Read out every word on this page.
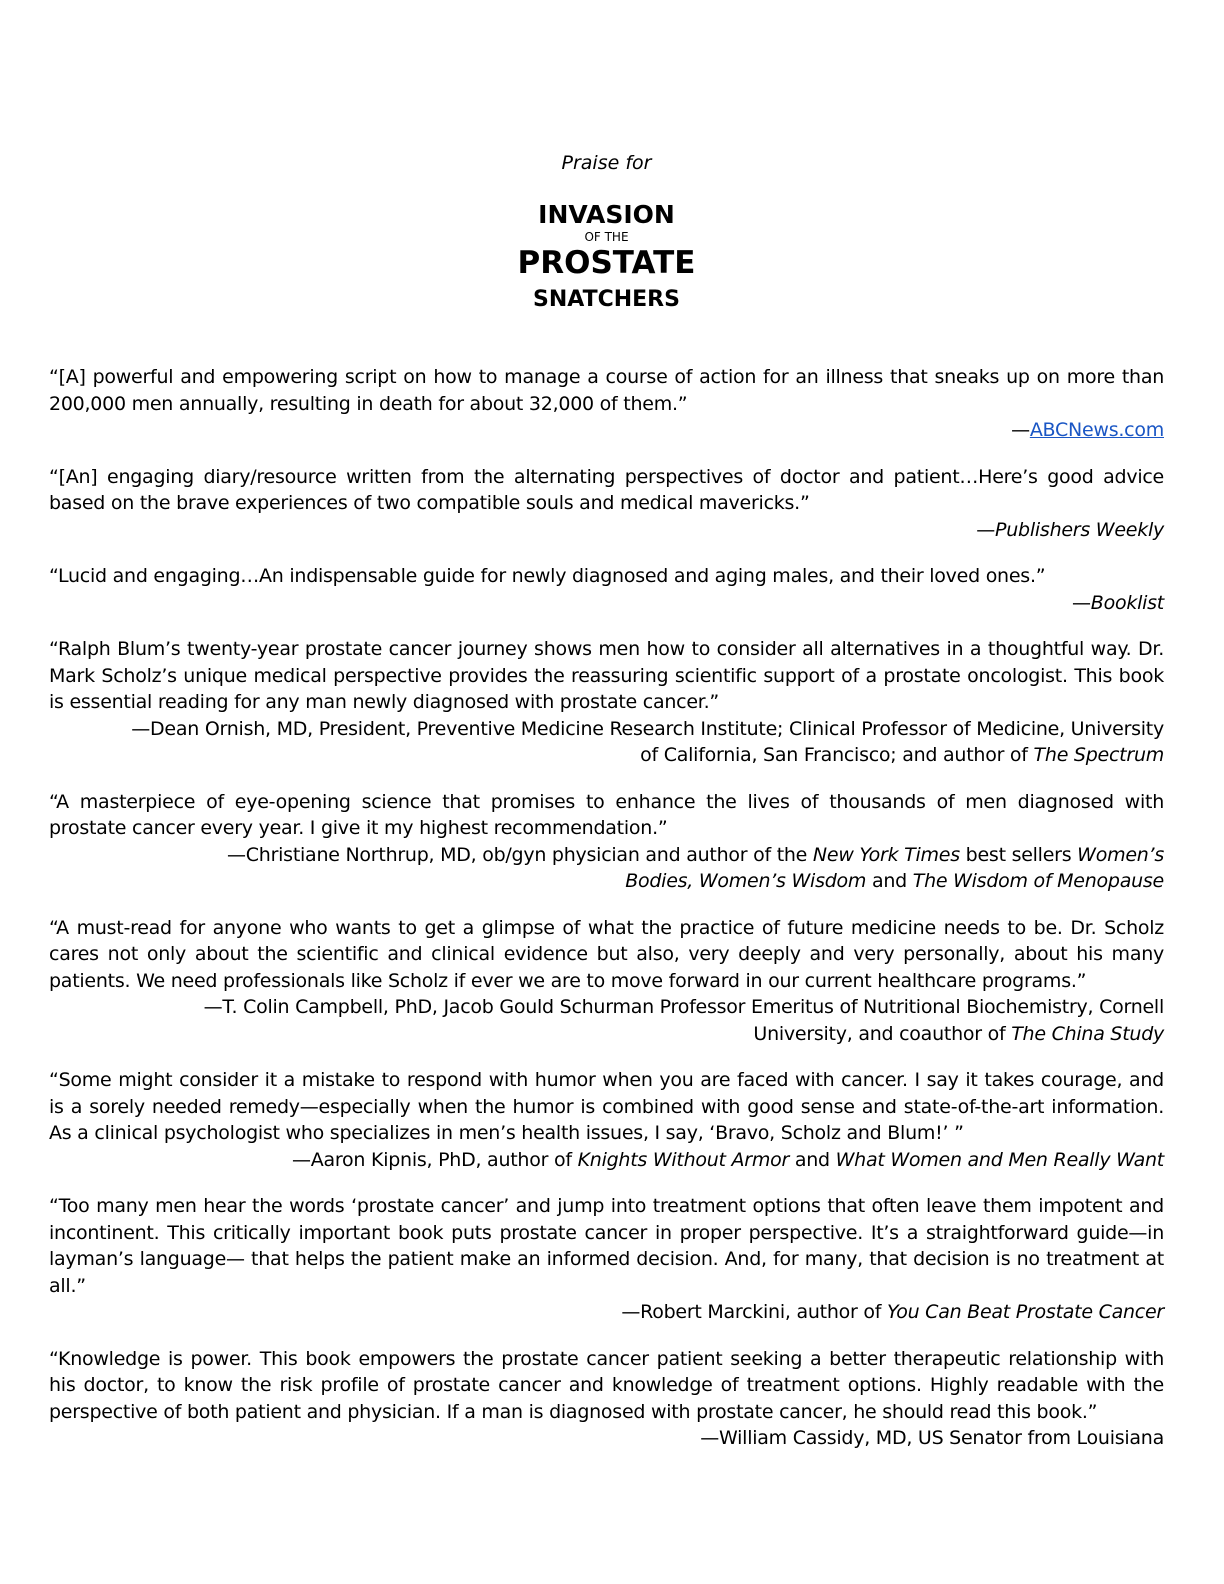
Praise for

INVASION

OF THE

PROSTATE

SNATCHERS

“[A] powerful and empowering script on how to manage a course of action for an illness that sneaks up on more than 200,000 men annually, resulting in death for about 32,000 of them.”

—ABCNews.com

“[An] engaging diary/resource written from the alternating perspectives of doctor and patient…Here’s good advice based on the brave experiences of two compatible souls and medical mavericks.”

—Publishers Weekly

“Lucid and engaging…An indispensable guide for newly diagnosed and aging males, and their loved ones.”

—Booklist

“Ralph Blum’s twenty-year prostate cancer journey shows men how to consider all alternatives in a thoughtful way. Dr. Mark Scholz’s unique medical perspective provides the reassuring scientific support of a prostate oncologist. This book is essential reading for any man newly diagnosed with prostate cancer.”

—Dean Ornish, MD, President, Preventive Medicine Research Institute; Clinical Professor of Medicine, University of California, San Francisco; and author of The Spectrum

“A masterpiece of eye-opening science that promises to enhance the lives of thousands of men diagnosed with prostate cancer every year. I give it my highest recommendation.”

—Christiane Northrup, MD, ob/gyn physician and author of the New York Times best sellers Women’s Bodies, Women’s Wisdom and The Wisdom of Menopause

“A must-read for anyone who wants to get a glimpse of what the practice of future medicine needs to be. Dr. Scholz cares not only about the scientific and clinical evidence but also, very deeply and very personally, about his many patients. We need professionals like Scholz if ever we are to move forward in our current healthcare programs.”

—T. Colin Campbell, PhD, Jacob Gould Schurman Professor Emeritus of Nutritional Biochemistry, Cornell University, and coauthor of The China Study

“Some might consider it a mistake to respond with humor when you are faced with cancer. I say it takes courage, and is a sorely needed remedy—especially when the humor is combined with good sense and state-of-the-art information. As a clinical psychologist who specializes in men’s health issues, I say, ‘Bravo, Scholz and Blum!’ ”

—Aaron Kipnis, PhD, author of Knights Without Armor and What Women and Men Really Want

“Too many men hear the words ‘prostate cancer’ and jump into treatment options that often leave them impotent and incontinent. This critically important book puts prostate cancer in proper perspective. It’s a straightforward guide—in layman’s language— that helps the patient make an informed decision. And, for many, that decision is no treatment at all.”

—Robert Marckini, author of You Can Beat Prostate Cancer

“Knowledge is power. This book empowers the prostate cancer patient seeking a better therapeutic relationship with his doctor, to know the risk profile of prostate cancer and knowledge of treatment options. Highly readable with the perspective of both patient and physician. If a man is diagnosed with prostate cancer, he should read this book.”

—William Cassidy, MD, US Senator from Louisiana
